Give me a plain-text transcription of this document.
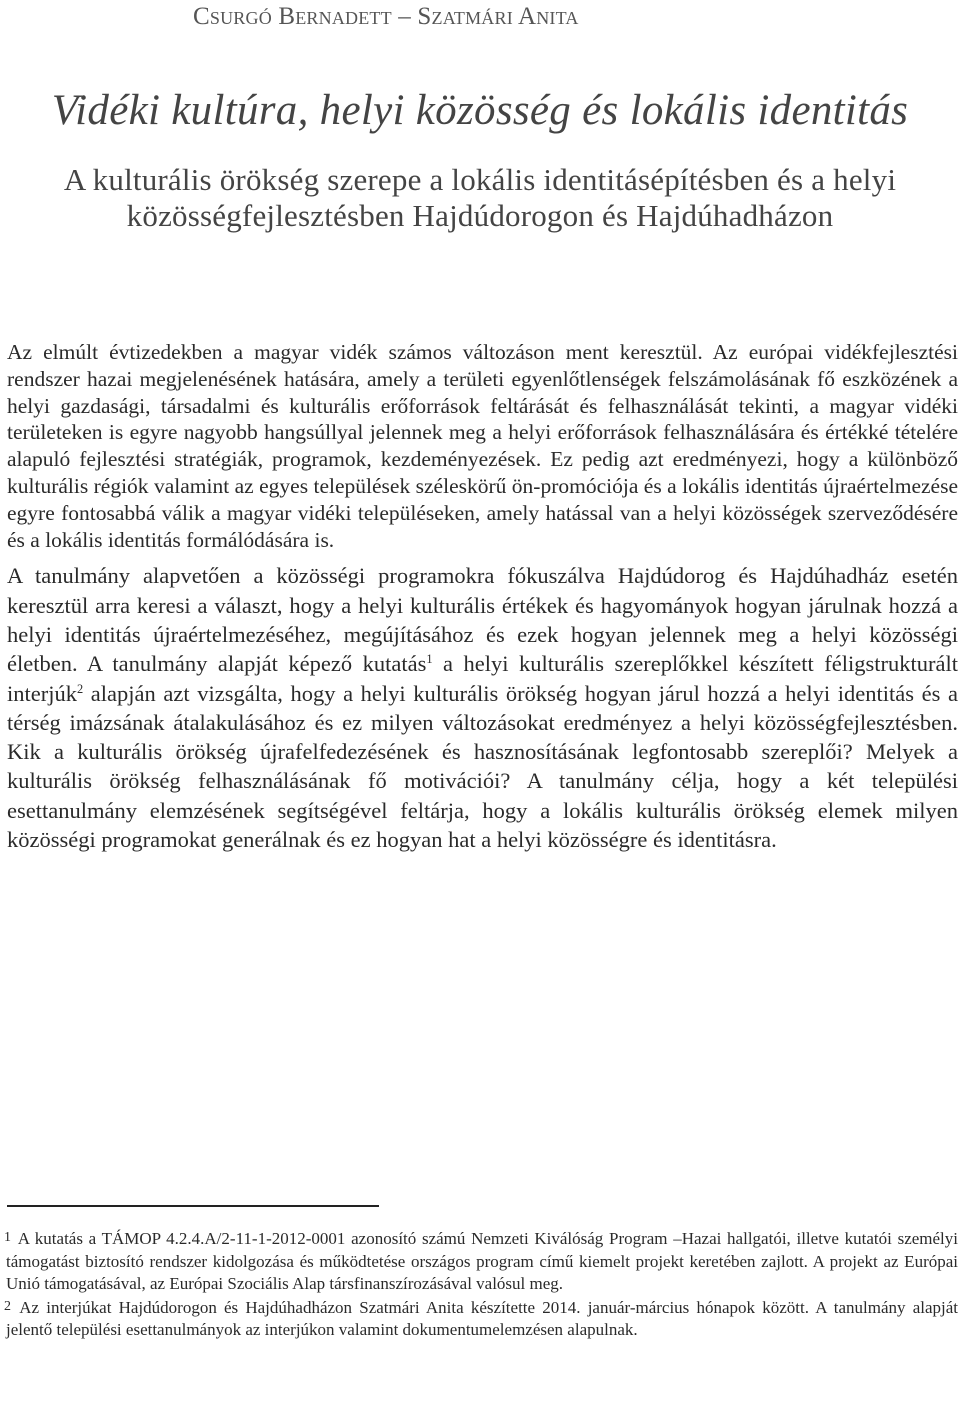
Csurgó Bernadett – Szatmári Anita
Vidéki kultúra, helyi közösség és lokális identitás
A kulturális örökség szerepe a lokális identitásépítésben és a helyi
közösségfejlesztésben Hajdúdorogon és Hajdúhadházon

Az elmúlt évtizedekben a magyar vidék számos változáson ment keresztül. Az európai vidékfejlesztési rendszer hazai megjelenésének hatására, amely a területi egyenlőtlenségek felszámolásának fő eszközének a helyi gazdasági, társadalmi és kulturális erőforrások feltárását és felhasználását tekinti, a magyar vidéki területeken is egyre nagyobb hangsúllyal jelennek meg a helyi erőforrások felhasználására és értékké tételére alapuló fejlesztési stratégiák, programok, kezdeményezések. Ez pedig azt eredményezi, hogy a különböző kulturális régiók valamint az egyes települések széleskörű ön-promóciója és a lokális identitás újraértelmezése egyre fontosabbá válik a magyar vidéki településeken, amely hatással van a helyi közösségek szerveződésére és a lokális identitás formálódására is.

A tanulmány alapvetően a közösségi programokra fókuszálva Hajdúdorog és Hajdúhadház esetén keresztül arra keresi a választ, hogy a helyi kulturális értékek és hagyományok hogyan járulnak hozzá a helyi identitás újraértelmezéséhez, megújításához és ezek hogyan jelennek meg a helyi közösségi életben. A tanulmány alapját képező kutatás$^1$ a helyi kulturális szereplőkkel készített féligstrukturált interjúk$^2$ alapján azt vizsgálta, hogy a helyi kulturális örökség hogyan járul hozzá a helyi identitás és a térség imázsának átalakulásához és ez milyen változásokat eredményez a helyi közösségfejlesztésben. Kik a kulturális örökség újrafelfedezésének és hasznosításának legfontosabb szereplői? Melyek a kulturális örökség felhasználásának fő motivációi? A tanulmány célja, hogy a két települési esettanulmány elemzésének segítségével feltárja, hogy a lokális kulturális örökség elemek milyen közösségi programokat generálnak és ez hogyan hat a helyi közösségre és identitásra.

1 A kutatás a TÁMOP 4.2.4.A/2-11-1-2012-0001 azonosító számú Nemzeti Kiválóság Program –Hazai hallgatói, illetve kutatói személyi támogatást biztosító rendszer kidolgozása és működtetése országos program című kiemelt projekt keretében zajlott. A projekt az Európai Unió támogatásával, az Európai Szociális Alap társfinanszírozásával valósul meg.

2 Az interjúkat Hajdúdorogon és Hajdúhadházon Szatmári Anita készítette 2014. január-március hónapok között. A tanulmány alapját jelentő települési esettanulmányok az interjúkon valamint dokumentumelemzésen alapulnak.
